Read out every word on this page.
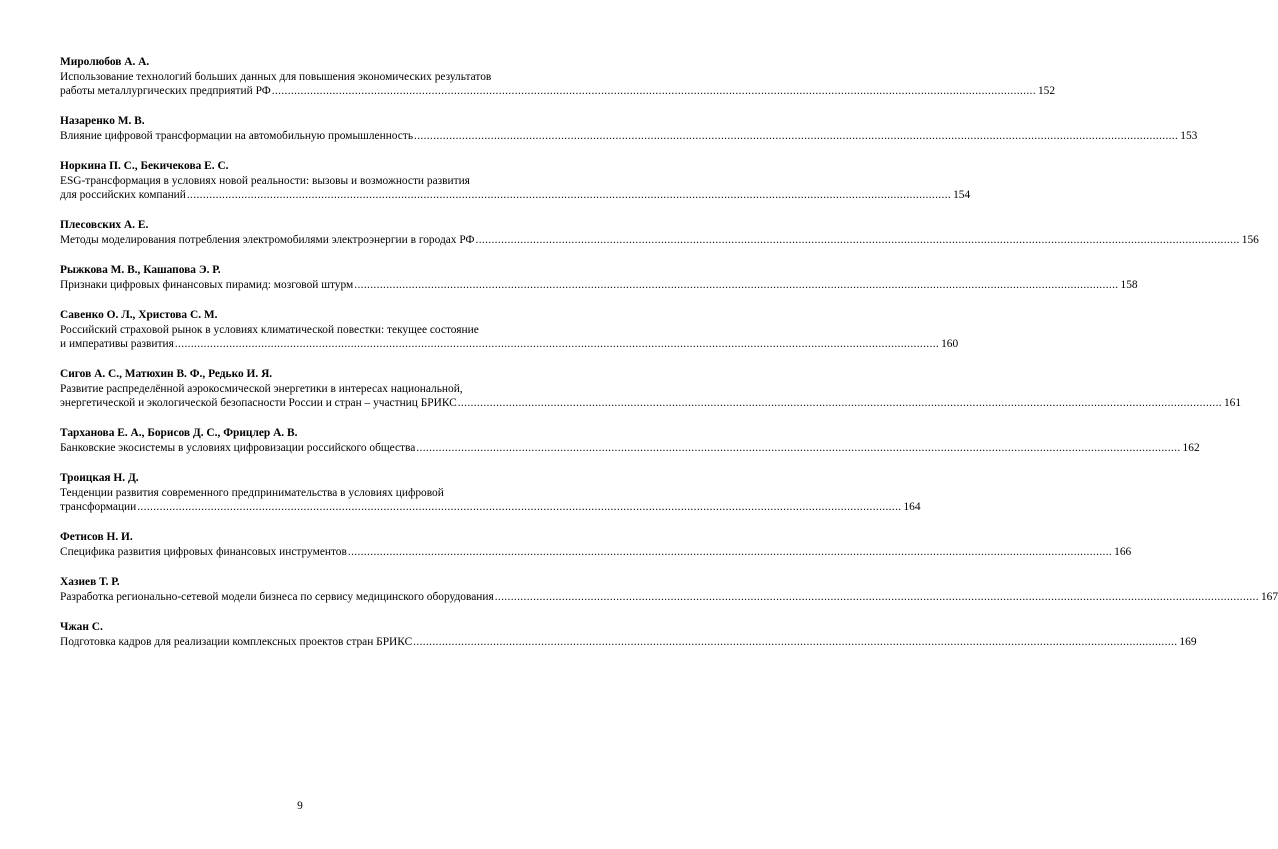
Миролюбов А. А.
Использование технологий больших данных для повышения экономических результатов
работы металлургических предприятий РФ .....	152
Назаренко М. В.
Влияние цифровой трансформации на автомобильную промышленность .....	153
Норкина П. С., Бекичекова Е. С.
ESG-трансформация в условиях новой реальности: вызовы и возможности развития
для российских компаний .....	154
Плесовских А. Е.
Методы моделирования потребления электромобилями электроэнергии в городах РФ .....	156
Рыжкова М. В., Кашапова Э. Р.
Признаки цифровых финансовых пирамид: мозговой штурм .....	158
Савенко О. Л., Христова С. М.
Российский страховой рынок в условиях климатической повестки: текущее состояние
и императивы развития .....	160
Сигов А. С., Матюхин В. Ф., Редько И. Я.
Развитие распределённой аэрокосмической энергетики в интересах национальной,
энергетической и экологической безопасности России и стран – участниц БРИКС .....	161
Тарханова Е. А., Борисов Д. С., Фрицлер А. В.
Банковские экосистемы в условиях цифровизации российского общества .....	162
Троицкая Н. Д.
Тенденции развития современного предпринимательства в условиях цифровой
трансформации .....	164
Фетисов Н. И.
Специфика развития цифровых финансовых инструментов .....	166
Хазиев Т. Р.
Разработка регионально-сетевой модели бизнеса по сервису медицинского оборудования .....	167
Чжан С.
Подготовка кадров для реализации комплексных проектов стран БРИКС .....	169
9
